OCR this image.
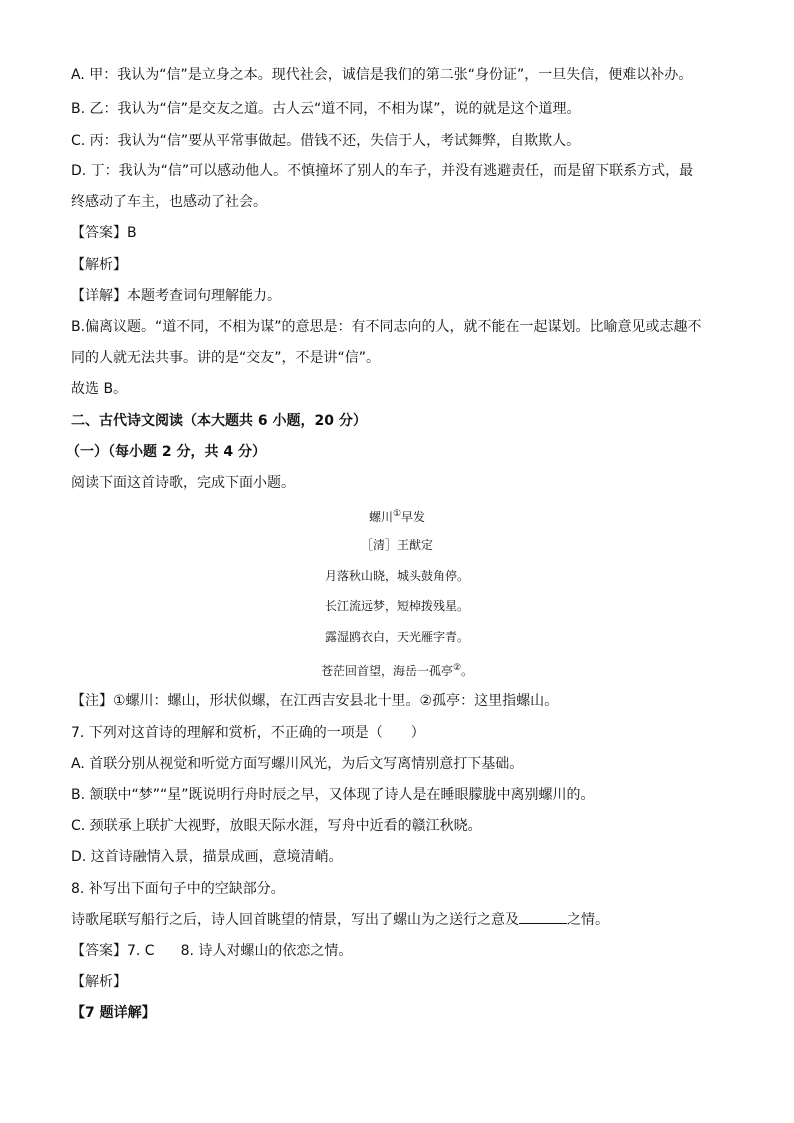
A. 甲：我认为“信”是立身之本。现代社会，诚信是我们的第二张“身份证”，一旦失信，便难以补办。
B. 乙：我认为“信”是交友之道。古人云“道不同，不相为谋”，说的就是这个道理。
C. 丙：我认为“信”要从平常事做起。借钱不还，失信于人，考试舞弊，自欺欺人。
D. 丁：我认为“信”可以感动他人。不慎撞坏了别人的车子，并没有逃避责任，而是留下联系方式，最
终感动了车主，也感动了社会。
【答案】B
【解析】
【详解】本题考查词句理解能力。
B.偏离议题。“道不同，不相为谋”的意思是：有不同志向的人，就不能在一起谋划。比喻意见或志趣不
同的人就无法共事。讲的是“交友”，不是讲“信”。
故选 B。
二、古代诗文阅读（本大题共 6 小题，20 分）
（一）（每小题 2 分，共 4 分）
阅读下面这首诗歌，完成下面小题。
螺川①早发
［清］王猷定
月落秋山晓，城头鼓角停。
长江流远梦，短棹拨残星。
露湿鸥衣白，天光雁字青。
苍茫回首望，海岳一孤亭②。
【注】①螺川：螺山，形状似螺，在江西吉安县北十里。②孤亭：这里指螺山。
7. 下列对这首诗的理解和赏析，不正确的一项是（　　）
A. 首联分别从视觉和听觉方面写螺川风光，为后文写离情别意打下基础。
B. 颔联中“梦”“星”既说明行舟时辰之早，又体现了诗人是在睡眼朦胧中离别螺川的。
C. 颈联承上联扩大视野，放眼天际水涯，写舟中近看的赣江秋晓。
D. 这首诗融情入景，描景成画，意境清峭。
8. 补写出下面句子中的空缺部分。
诗歌尾联写船行之后，诗人回首眺望的情景，写出了螺山为之送行之意及	之情。
【答案】7. C 8. 诗人对螺山的依恋之情。
【解析】
【7 题详解】
